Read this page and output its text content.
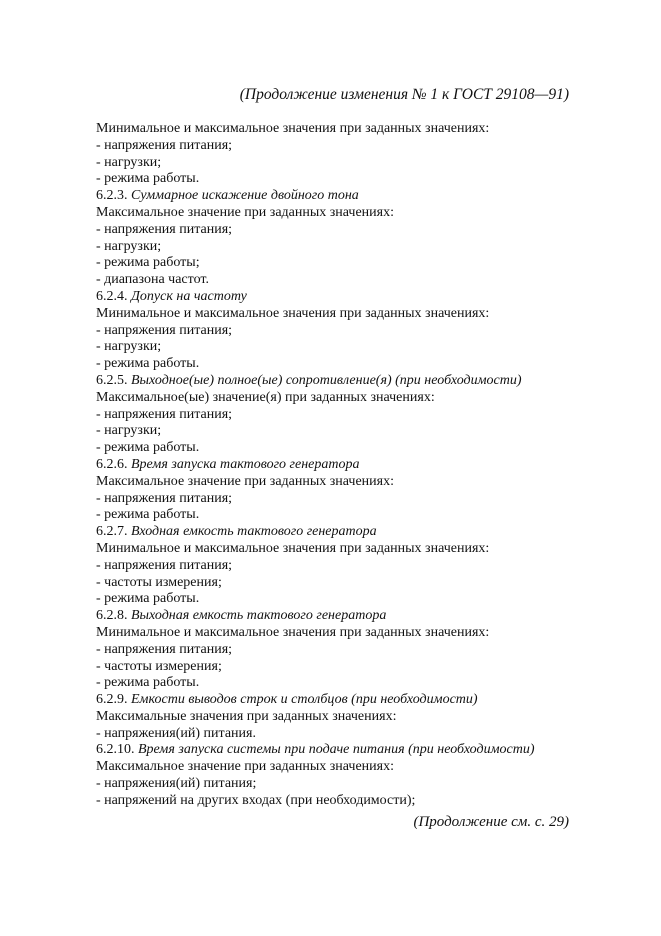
(Продолжение изменения № 1 к ГОСТ 29108—91)
Минимальное и максимальное значения при заданных значениях:
- напряжения питания;
- нагрузки;
- режима работы.
6.2.3. Суммарное искажение двойного тона
Максимальное значение при заданных значениях:
- напряжения питания;
- нагрузки;
- режима работы;
- диапазона частот.
6.2.4. Допуск на частоту
Минимальное и максимальное значения при заданных значениях:
- напряжения питания;
- нагрузки;
- режима работы.
6.2.5. Выходное(ые) полное(ые) сопротивление(я) (при необходимости)
Максимальное(ые) значение(я) при заданных значениях:
- напряжения питания;
- нагрузки;
- режима работы.
6.2.6. Время запуска тактового генератора
Максимальное значение при заданных значениях:
- напряжения питания;
- режима работы.
6.2.7. Входная емкость тактового генератора
Минимальное и максимальное значения при заданных значениях:
- напряжения питания;
- частоты измерения;
- режима работы.
6.2.8. Выходная емкость тактового генератора
Минимальное и максимальное значения при заданных значениях:
- напряжения питания;
- частоты измерения;
- режима работы.
6.2.9. Емкости выводов строк и столбцов (при необходимости)
Максимальные значения при заданных значениях:
- напряжения(ий) питания.
6.2.10. Время запуска системы при подаче питания (при необходимости)
Максимальное значение при заданных значениях:
- напряжения(ий) питания;
- напряжений на других входах (при необходимости);
(Продолжение см. с. 29)
